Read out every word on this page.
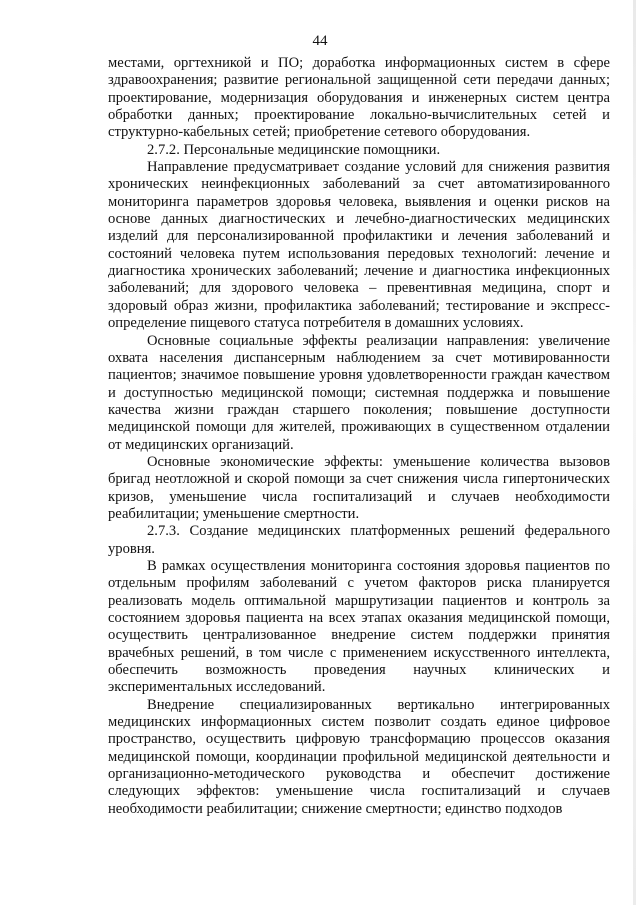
44

местами, оргтехникой и ПО; доработка информационных систем в сфере здравоохранения; развитие региональной защищенной сети передачи данных; проектирование, модернизация оборудования и инженерных систем центра обработки данных; проектирование локально-вычислительных сетей и структурно-кабельных сетей; приобретение сетевого оборудования.

2.7.2. Персональные медицинские помощники.

Направление предусматривает создание условий для снижения развития хронических неинфекционных заболеваний за счет автоматизированного мониторинга параметров здоровья человека, выявления и оценки рисков на основе данных диагностических и лечебно-диагностических медицинских изделий для персонализированной профилактики и лечения заболеваний и состояний человека путем использования передовых технологий: лечение и диагностика хронических заболеваний; лечение и диагностика инфекционных заболеваний; для здорового человека – превентивная медицина, спорт и здоровый образ жизни, профилактика заболеваний; тестирование и экспресс-определение пищевого статуса потребителя в домашних условиях.

Основные социальные эффекты реализации направления: увеличение охвата населения диспансерным наблюдением за счет мотивированности пациентов; значимое повышение уровня удовлетворенности граждан качеством и доступностью медицинской помощи; системная поддержка и повышение качества жизни граждан старшего поколения; повышение доступности медицинской помощи для жителей, проживающих в существенном отдалении от медицинских организаций.

Основные экономические эффекты: уменьшение количества вызовов бригад неотложной и скорой помощи за счет снижения числа гипертонических кризов, уменьшение числа госпитализаций и случаев необходимости реабилитации; уменьшение смертности.

2.7.3. Создание медицинских платформенных решений федерального уровня.

В рамках осуществления мониторинга состояния здоровья пациентов по отдельным профилям заболеваний с учетом факторов риска планируется реализовать модель оптимальной маршрутизации пациентов и контроль за состоянием здоровья пациента на всех этапах оказания медицинской помощи, осуществить централизованное внедрение систем поддержки принятия врачебных решений, в том числе с применением искусственного интеллекта, обеспечить возможность проведения научных клинических и экспериментальных исследований.

Внедрение специализированных вертикально интегрированных медицинских информационных систем позволит создать единое цифровое пространство, осуществить цифровую трансформацию процессов оказания медицинской помощи, координации профильной медицинской деятельности и организационно-методического руководства и обеспечит достижение следующих эффектов: уменьшение числа госпитализаций и случаев необходимости реабилитации; снижение смертности; единство подходов
